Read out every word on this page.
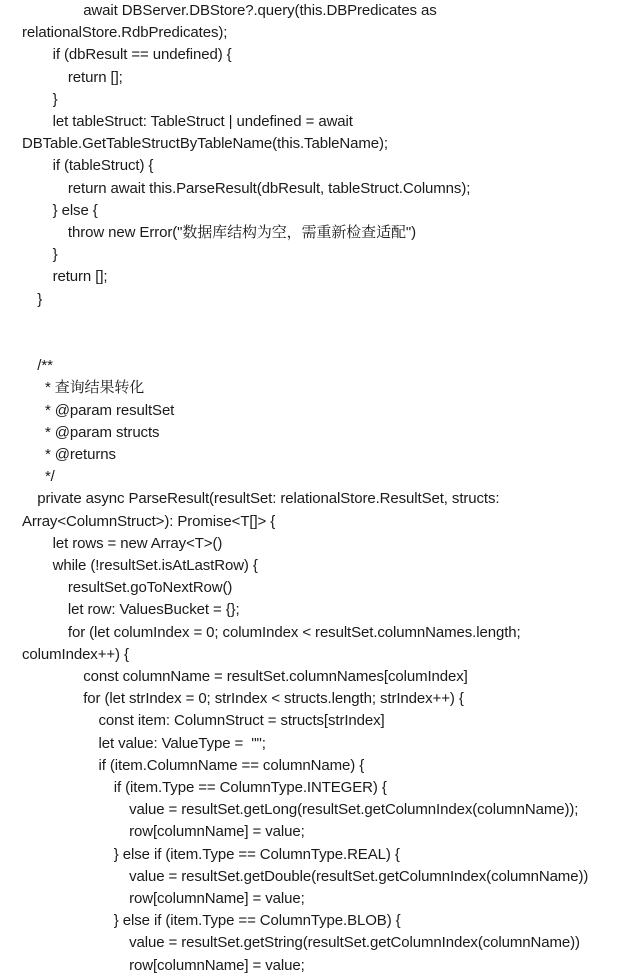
await DBServer.DBStore?.query(this.DBPredicates as
relationalStore.RdbPredicates);
if (dbResult == undefined) {
return [];
}
let tableStruct: TableStruct | undefined = await
DBTable.GetTableStructByTableName(this.TableName);
if (tableStruct) {
return await this.ParseResult(dbResult, tableStruct.Columns);
} else {
throw new Error("数据库结构为空，需重新检查适配")
}
return [];
}
/**
* 查询结果转化
* @param resultSet
* @param structs
* @returns
*/
private async ParseResult(resultSet: relationalStore.ResultSet, structs:
Array<ColumnStruct>): Promise<T[]> {
let rows = new Array<T>()
while (!resultSet.isAtLastRow) {
resultSet.goToNextRow()
let row: ValuesBucket = {};
for (let columIndex = 0; columIndex < resultSet.columnNames.length;
columIndex++) {
const columnName = resultSet.columnNames[columIndex]
for (let strIndex = 0; strIndex < structs.length; strIndex++) {
const item: ColumnStruct = structs[strIndex]
let value: ValueType =  "";
if (item.ColumnName == columnName) {
if (item.Type == ColumnType.INTEGER) {
value = resultSet.getLong(resultSet.getColumnIndex(columnName));
row[columnName] = value;
} else if (item.Type == ColumnType.REAL) {
value = resultSet.getDouble(resultSet.getColumnIndex(columnName))
row[columnName] = value;
} else if (item.Type == ColumnType.BLOB) {
value = resultSet.getString(resultSet.getColumnIndex(columnName))
row[columnName] = value;
